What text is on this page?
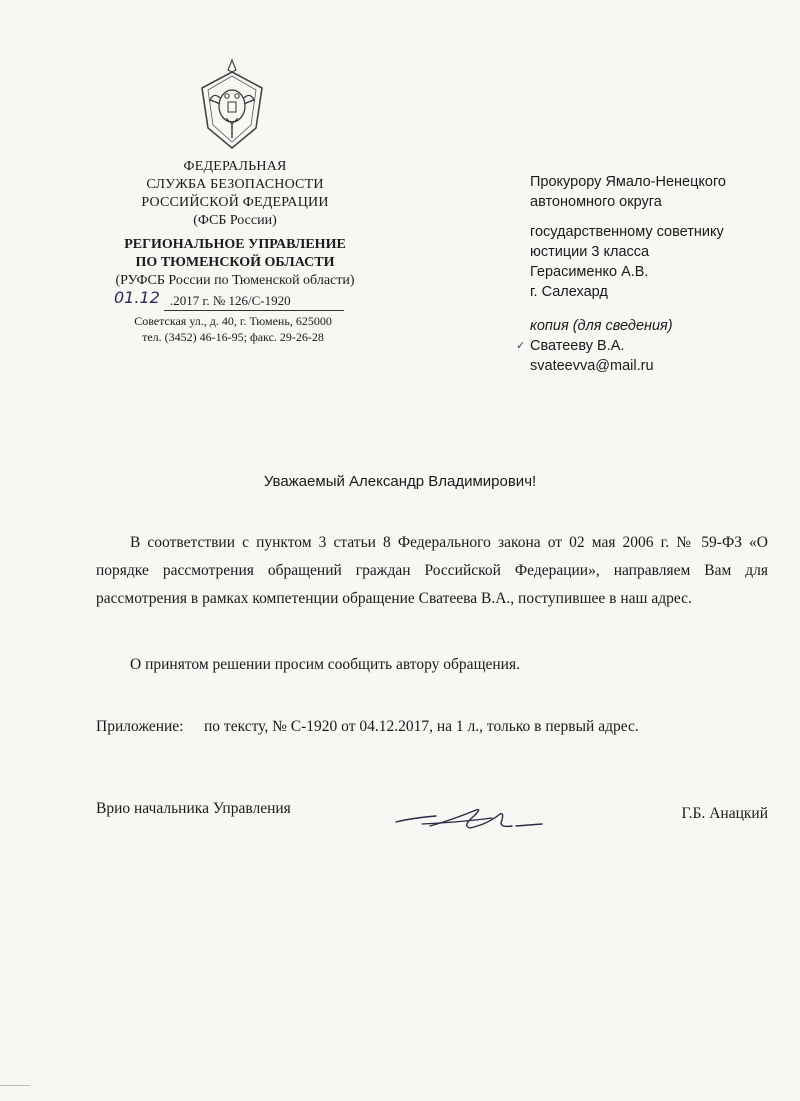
ФЕДЕРАЛЬНАЯ
СЛУЖБА БЕЗОПАСНОСТИ
РОССИЙСКОЙ ФЕДЕРАЦИИ
(ФСБ России)
РЕГИОНАЛЬНОЕ УПРАВЛЕНИЕ
ПО ТЮМЕНСКОЙ ОБЛАСТИ
(РУФСБ России по Тюменской области)
01.12 .2017 г. № 126/С-1920
Советская ул., д. 40, г. Тюмень, 625000
тел. (3452) 46-16-95; факс. 29-26-28
Прокурору Ямало-Ненецкого
автономного округа
государственному советнику
юстиции 3 класса
Герасименко А.В.
г. Салехард
копия (для сведения)
✓ Сватееву В.А.
svateevva@mail.ru
Уважаемый Александр Владимирович!
В соответствии с пунктом 3 статьи 8 Федерального закона от 02 мая 2006 г. № 59-ФЗ «О порядке рассмотрения обращений граждан Российской Федерации», направляем Вам для рассмотрения в рамках компетенции обращение Сватеева В.А., поступившее в наш адрес.
О принятом решении просим сообщить автору обращения.
Приложение: по тексту, № С-1920 от 04.12.2017, на 1 л., только в первый адрес.
Врио начальника Управления	Г.Б. Анацкий
